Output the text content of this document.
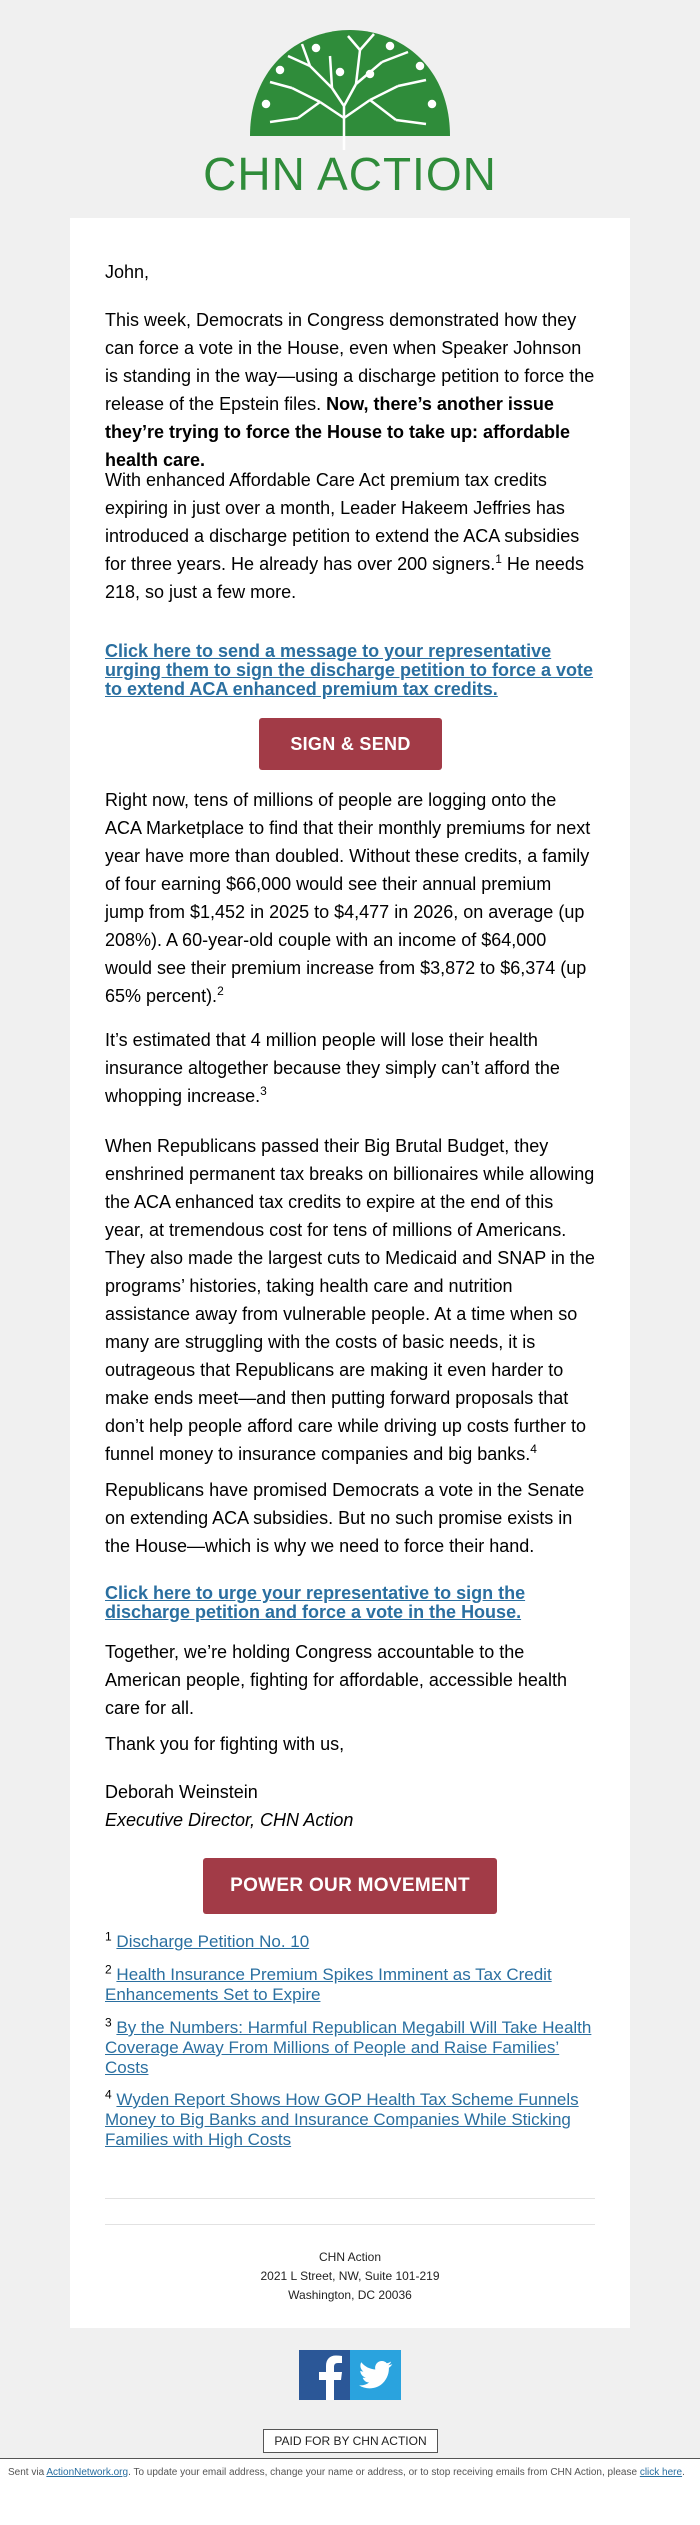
CHN ACTION

John,

This week, Democrats in Congress demonstrated how they can force a vote in the House, even when Speaker Johnson is standing in the way—using a discharge petition to force the release of the Epstein files. Now, there’s another issue they’re trying to force the House to take up: affordable health care.

With enhanced Affordable Care Act premium tax credits expiring in just over a month, Leader Hakeem Jeffries has introduced a discharge petition to extend the ACA subsidies for three years. He already has over 200 signers.$^1$ He needs 218, so just a few more.

Click here to send a message to your representative urging them to sign the discharge petition to force a vote to extend ACA enhanced premium tax credits.
SIGN & SEND

Right now, tens of millions of people are logging onto the ACA Marketplace to find that their monthly premiums for next year have more than doubled. Without these credits, a family of four earning $66,000 would see their annual premium jump from $1,452 in 2025 to $4,477 in 2026, on average (up 208%). A 60-year-old couple with an income of $64,000 would see their premium increase from $3,872 to $6,374 (up 65% percent).$^2$

It’s estimated that 4 million people will lose their health insurance altogether because they simply can’t afford the whopping increase.$^3$

When Republicans passed their Big Brutal Budget, they enshrined permanent tax breaks on billionaires while allowing the ACA enhanced tax credits to expire at the end of this year, at tremendous cost for tens of millions of Americans. They also made the largest cuts to Medicaid and SNAP in the programs’ histories, taking health care and nutrition assistance away from vulnerable people. At a time when so many are struggling with the costs of basic needs, it is outrageous that Republicans are making it even harder to make ends meet—and then putting forward proposals that don’t help people afford care while driving up costs further to funnel money to insurance companies and big banks.$^4$

Republicans have promised Democrats a vote in the Senate on extending ACA subsidies. But no such promise exists in the House—which is why we need to force their hand.

Click here to urge your representative to sign the discharge petition and force a vote in the House.

Together, we’re holding Congress accountable to the American people, fighting for affordable, accessible health care for all.

Thank you for fighting with us,

Deborah Weinstein

Executive Director, CHN Action

POWER OUR MOVEMENT
$^1$ Discharge Petition No. 10
$^2$ Health Insurance Premium Spikes Imminent as Tax Credit Enhancements Set to Expire
$^3$ By the Numbers: Harmful Republican Megabill Will Take Health Coverage Away From Millions of People and Raise Families’ Costs
$^4$ Wyden Report Shows How GOP Health Tax Scheme Funnels Money to Big Banks and Insurance Companies While Sticking Families with High Costs
CHN Action
2021 L Street, NW, Suite 101-219
Washington, DC 20036
PAID FOR BY CHN ACTION
Sent via ActionNetwork.org. To update your email address, change your name or address, or to stop receiving emails from CHN Action, please click here.
